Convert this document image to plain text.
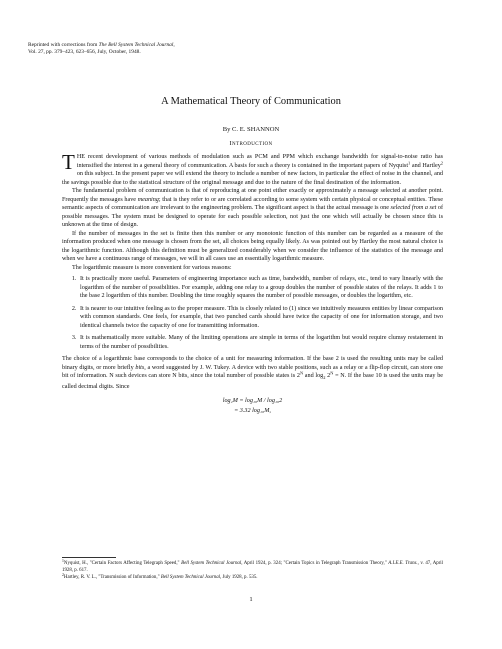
Reprinted with corrections from The Bell System Technical Journal,
Vol. 27, pp. 379–423, 623–656, July, October, 1948.
A Mathematical Theory of Communication
By C. E. SHANNON
Introduction

THE recent development of various methods of modulation such as PCM and PPM which exchange bandwidth for signal-to-noise ratio has intensified the interest in a general theory of communication. A basis for such a theory is contained in the important papers of Nyquist$^1$ and Hartley$^2$ on this subject. In the present paper we will extend the theory to include a number of new factors, in particular the effect of noise in the channel, and the savings possible due to the statistical structure of the original message and due to the nature of the final destination of the information.

The fundamental problem of communication is that of reproducing at one point either exactly or approximately a message selected at another point. Frequently the messages have meaning; that is they refer to or are correlated according to some system with certain physical or conceptual entities. These semantic aspects of communication are irrelevant to the engineering problem. The significant aspect is that the actual message is one selected from a set of possible messages. The system must be designed to operate for each possible selection, not just the one which will actually be chosen since this is unknown at the time of design.

If the number of messages in the set is finite then this number or any monotonic function of this number can be regarded as a measure of the information produced when one message is chosen from the set, all choices being equally likely. As was pointed out by Hartley the most natural choice is the logarithmic function. Although this definition must be generalized considerably when we consider the influence of the statistics of the message and when we have a continuous range of messages, we will in all cases use an essentially logarithmic measure.

The logarithmic measure is more convenient for various reasons:

1. It is practically more useful. Parameters of engineering importance such as time, bandwidth, number of relays, etc., tend to vary linearly with the logarithm of the number of possibilities. For example, adding one relay to a group doubles the number of possible states of the relays. It adds 1 to the base 2 logarithm of this number. Doubling the time roughly squares the number of possible messages, or doubles the logarithm, etc.
2. It is nearer to our intuitive feeling as to the proper measure. This is closely related to (1) since we intuitively measures entities by linear comparison with common standards. One feels, for example, that two punched cards should have twice the capacity of one for information storage, and two identical channels twice the capacity of one for transmitting information.
3. It is mathematically more suitable. Many of the limiting operations are simple in terms of the logarithm but would require clumsy restatement in terms of the number of possibilities.

The choice of a logarithmic base corresponds to the choice of a unit for measuring information. If the base 2 is used the resulting units may be called binary digits, or more briefly bits, a word suggested by J. W. Tukey. A device with two stable positions, such as a relay or a flip-flop circuit, can store one bit of information. N such devices can store N bits, since the total number of possible states is $2^N$ and $\log_2 2^N = N$. If the base 10 is used the units may be called decimal digits. Since

log₂M = log₁₀M / log₁₀2
= 3.32 log₁₀M,
$^1$Nyquist, H., "Certain Factors Affecting Telegraph Speed," Bell System Technical Journal, April 1924, p. 324; "Certain Topics in Telegraph Transmission Theory," A.I.E.E. Trans., v. 47, April 1928, p. 617.
$^2$Hartley, R. V. L., "Transmission of Information," Bell System Technical Journal, July 1928, p. 535.
1
